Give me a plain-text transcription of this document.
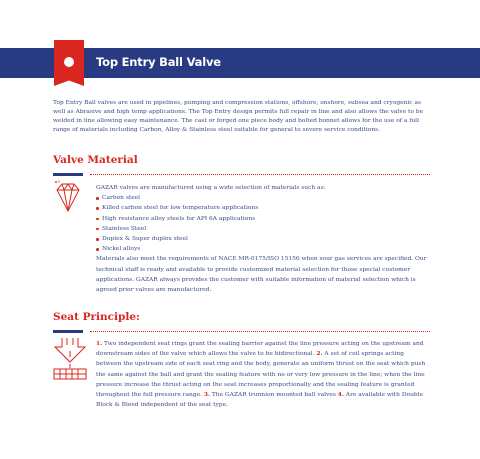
Top Entry Ball Valve
Top Entry Ball valves are used in pipelines, pumping and compression stations, offshore, onshore, subsea and cryogenic as well as Abrasive and high temp applications. The Top Entry design permits full repair in line and also allows the valve to be welded in line allowing easy maintenance. The cast or forged one piece body and bolted bonnet allows for the use of a full range of materials including Carbon, Alloy & Stainless steel suitable for general to severe service conditions.
Valve Material

GAZAR valves are manufactured using a wide selection of materials such as:

Carbon steel
Killed carbon steel for low temperature applications
High resistance alloy steels for API 6A applications
Stainless Steel
Duplex & Super duplex steel
Nickel alloys

Materials also meet the requirements of NACE MR-0175/ISO 15156 when sour gas services are specified. Our technical staff is ready and available to provide customized material selection for those special customer applications. GAZAR always provides the customer with suitable information of material selection which is agreed prior valves are manufactured.

Seat Principle:
1. Two independent seat rings grant the sealing barrier against the line pressure acting on the upstream and downstream sides of the valve which allows the valve to be bidirectional. 2. A set of coil springs acting between the upstream side of each seat ring and the body, generate an uniform thrust on the seat which push the same against the ball and grant the sealing feature with no or very low pressure in the line; when the line pressure increase the thrust acting on the seat increases proportionally and the sealing feature is granted throughout the full pressure range. 3. The GAZAR trunnion mounted ball valves 4. Are available with Double Block & Bleed independent of the seat type.
